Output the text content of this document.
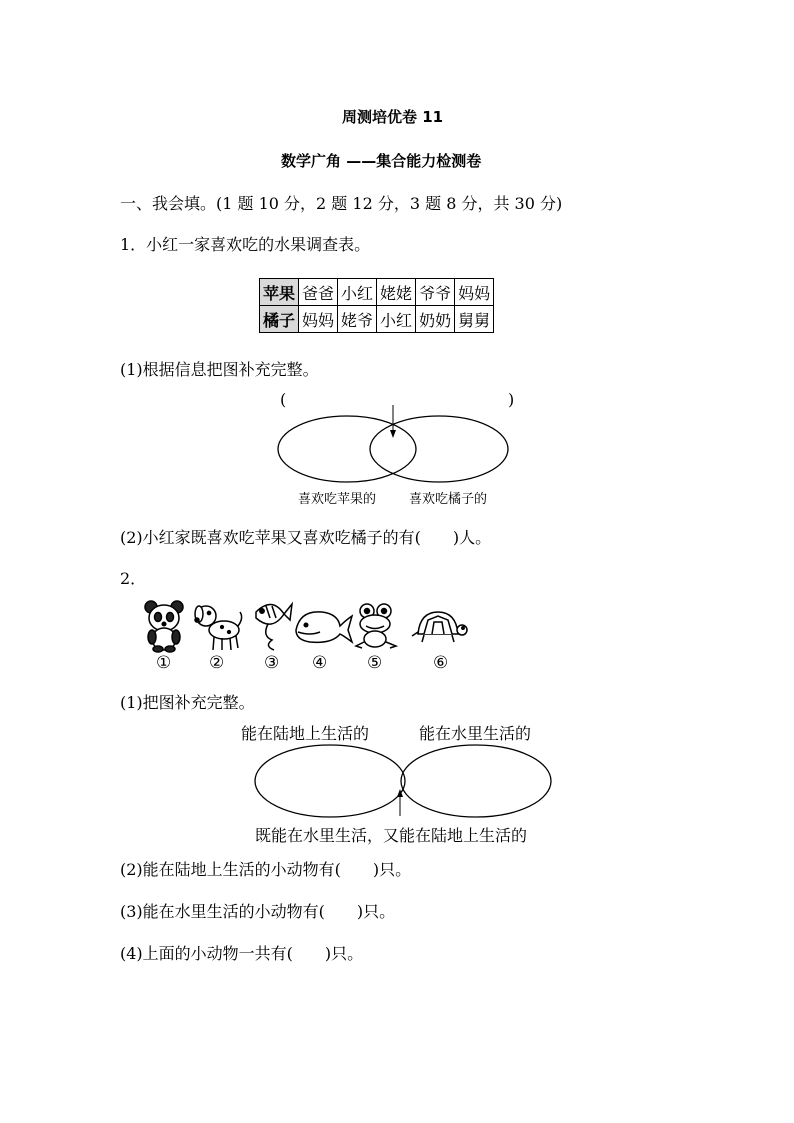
周测培优卷 11
数学广角 ——集合能力检测卷
一、我会填。(1 题 10 分，2 题 12 分，3 题 8 分，共 30 分)
1．小红一家喜欢吃的水果调查表。
苹果	爸爸	小红	姥姥	爷爷	妈妈
橘子	妈妈	姥爷	小红	奶奶	舅舅
(1)根据信息把图补充完整。
(	)
喜欢吃苹果的	喜欢吃橘子的
(2)小红家既喜欢吃苹果又喜欢吃橘子的有(　　)人。
2．
① ② ③ ④ ⑤	⑥
(1)把图补充完整。
能在陆地上生活的	能在水里生活的
既能在水里生活，又能在陆地上生活的
(2)能在陆地上生活的小动物有(　　)只。
(3)能在水里生活的小动物有(　　)只。
(4)上面的小动物一共有(　　)只。
